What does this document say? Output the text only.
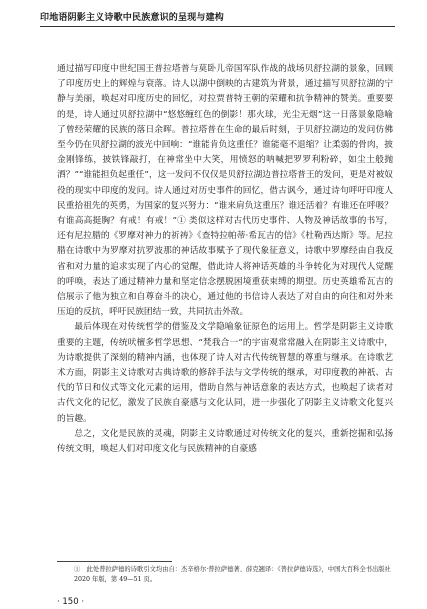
印地语阴影主义诗歌中民族意识的呈现与建构

通过描写印度中世纪国王普拉塔普与莫卧儿帝国军队作战的战场贝舒拉湖的景象，回顾了印度历史上的辉煌与衰落。诗人以湖中倒映的古建筑为背景，通过描写贝舒拉湖的宁静与美丽，唤起对印度历史的回忆，对拉贾普特王朝的荣耀和抗争精神的赞美。重要要的是，诗人通过贝舒拉湖中“悠悠缠红色的倒影！那火球，光尘无烟”这一日落景象隐喻了曾经荣耀的民族的落日余晖。普拉塔普在生命的最后时刻，于贝舒拉湖边的发问仿佛至今仍在贝舒拉湖的波光中回响：“谁能肯负这重任？谁能毫不退缩？让柔弱的骨肉，披金刚锋练，披铁锋敲打，在神常坐中大笑，用愤怒的呐喊把罗罗利粉碎，如尘土般抛洒？”“谁能担负起重任”，这一发问不仅仅是贝舒拉湖边普拉塔普王的发问，更是对被奴役的现实中印度的发问。诗人通过对历史事件的回忆，借古讽今，通过诗句呼吁印度人民重拾祖先的英勇，为国家的复兴努力：“谁来肩负这重压？谁还活着？有谁还在呼吸？有谁高高挺胸？有戒！有戒！”① 类似这样对古代历史事件、人物及神话故事的书写，还有尼拉腊的《罗摩对神力的祈祷》《查特拉帕蒂·希瓦吉的信》《杜勒西达斯》等。尼拉腊在诗歌中为罗摩对抗罗波那的神话故事赋予了现代象征意义，诗歌中罗摩经由自我反省和对力量的追求实现了内心的觉醒，借此诗人将神话英雄的斗争转化为对现代人觉醒的呼唤，表达了通过精神力量和坚定信念摆脱困境重获束缚的期望。历史英雄希瓦吉的信展示了他为独立和自尊奋斗的决心，通过他的书信诗人表达了对自由的向往和对外来压迫的反抗，呼吁民族团结一致，共同抗击外敌。

最后体现在对传统哲学的借鉴及文学隐喻象征原色的运用上。哲学是阴影主义诗歌重要的主题，传统吠檀多哲学思想、“梵我合一”的宇宙观常常融入在阴影主义诗歌中，为诗歌提供了深刻的精神内涵，也体现了诗人对古代传统智慧的尊重与继承。在诗歌艺术方面，阴影主义诗歌对古典诗歌的修辞手法与文学传统的继承，对印度教的神祇、古代的节日和仪式等文化元素的运用，借助自然与神话意象的表达方式，也唤起了读者对古代文化的记忆，激发了民族自豪感与文化认同，进一步强化了阴影主义诗歌文化复兴的旨趣。

总之，文化是民族的灵魂，阴影主义诗歌通过对传统文化的复兴，重新挖掘和弘扬传统文明，唤起人们对印度文化与民族精神的自豪感

①　此处普拉萨德的诗歌引文均由自：杰辛格尔·普拉萨德著、薛克翘译：《普拉萨德诗选》，中国大百科全书出版社 2020 年版，第 49—51 页。
· 150 ·
